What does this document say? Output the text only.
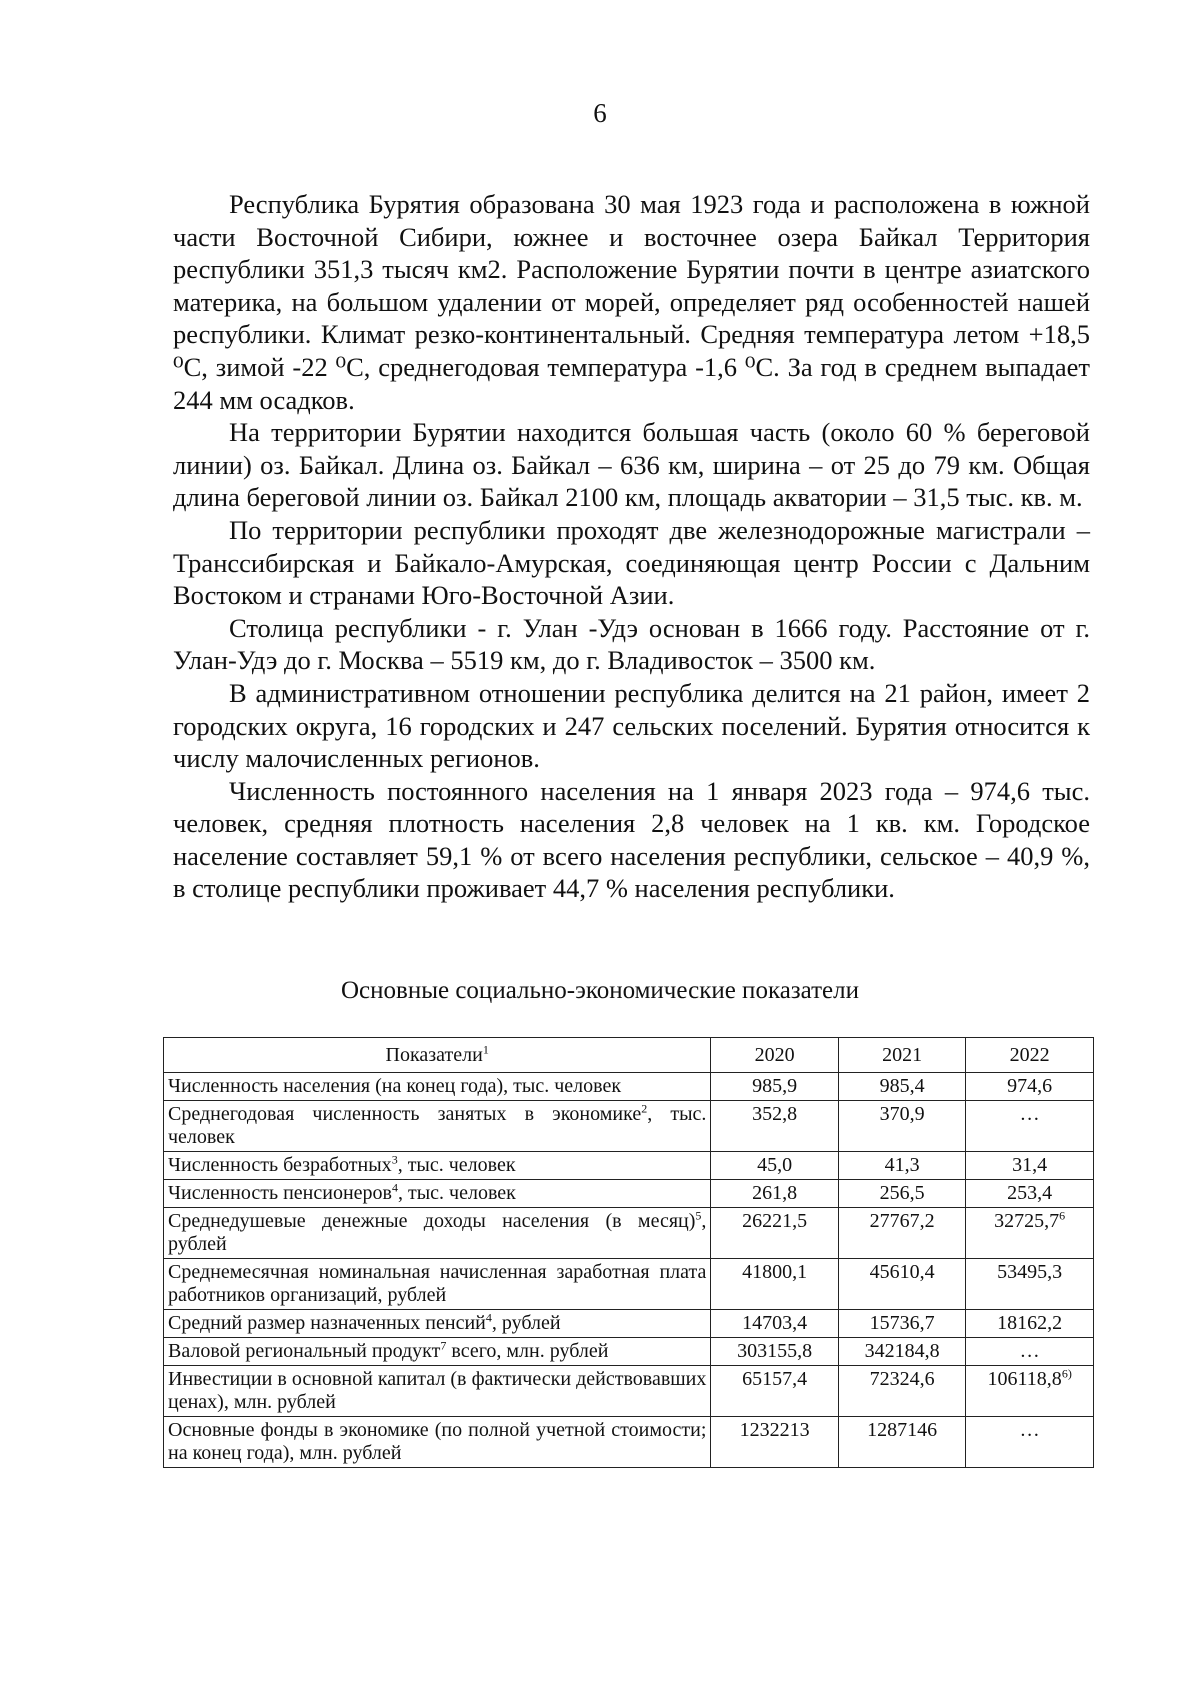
6

Республика Бурятия образована 30 мая 1923 года и расположена в южной части Восточной Сибири, южнее и восточнее озера Байкал Территория республики 351,3 тысяч км2. Расположение Бурятии почти в центре азиатского материка, на большом удалении от морей, определяет ряд особенностей нашей республики. Климат резко-континентальный. Средняя температура летом +18,5 ⁰С, зимой -22 ⁰С, среднегодовая температура -1,6 ⁰С. За год в среднем выпадает 244 мм осадков.

На территории Бурятии находится большая часть (около 60 % береговой линии) оз. Байкал. Длина оз. Байкал – 636 км, ширина – от 25 до 79 км. Общая длина береговой линии оз. Байкал 2100 км, площадь акватории – 31,5 тыс. кв. м.

По территории республики проходят две железнодорожные магистрали – Транссибирская и Байкало-Амурская, соединяющая центр России с Дальним Востоком и странами Юго-Восточной Азии.

Столица республики - г. Улан -Удэ основан в 1666 году. Расстояние от г. Улан-Удэ до г. Москва – 5519 км, до г. Владивосток – 3500 км.

В административном отношении республика делится на 21 район, имеет 2 городских округа, 16 городских и 247 сельских поселений. Бурятия относится к числу малочисленных регионов.

Численность постоянного населения на 1 января 2023 года – 974,6 тыс. человек, средняя плотность населения 2,8 человек на 1 кв. км. Городское население составляет 59,1 % от всего населения республики, сельское – 40,9 %, в столице республики проживает 44,7 % населения республики.

Основные социально-экономические показатели
Показатели$^1$	2020	2021	2022
Численность населения (на конец года), тыс. человек	985,9	985,4	974,6
Среднегодовая численность занятых в экономике$^2$, тыс. человек	352,8	370,9	…
Численность безработных$^3$, тыс. человек	45,0	41,3	31,4
Численность пенсионеров$^4$, тыс. человек	261,8	256,5	253,4
Среднедушевые денежные доходы населения (в месяц)$^5$, рублей	26221,5	27767,2	32725,7$^6$
Среднемесячная номинальная начисленная заработная плата работников организаций, рублей	41800,1	45610,4	53495,3
Средний размер назначенных пенсий$^4$, рублей	14703,4	15736,7	18162,2
Валовой региональный продукт$^7$ всего, млн. рублей	303155,8	342184,8	…
Инвестиции в основной капитал (в фактически действовавших ценах), млн. рублей	65157,4	72324,6	106118,8$^{6)}$
Основные фонды в экономике (по полной учетной стоимости; на конец года), млн. рублей	1232213	1287146	…
